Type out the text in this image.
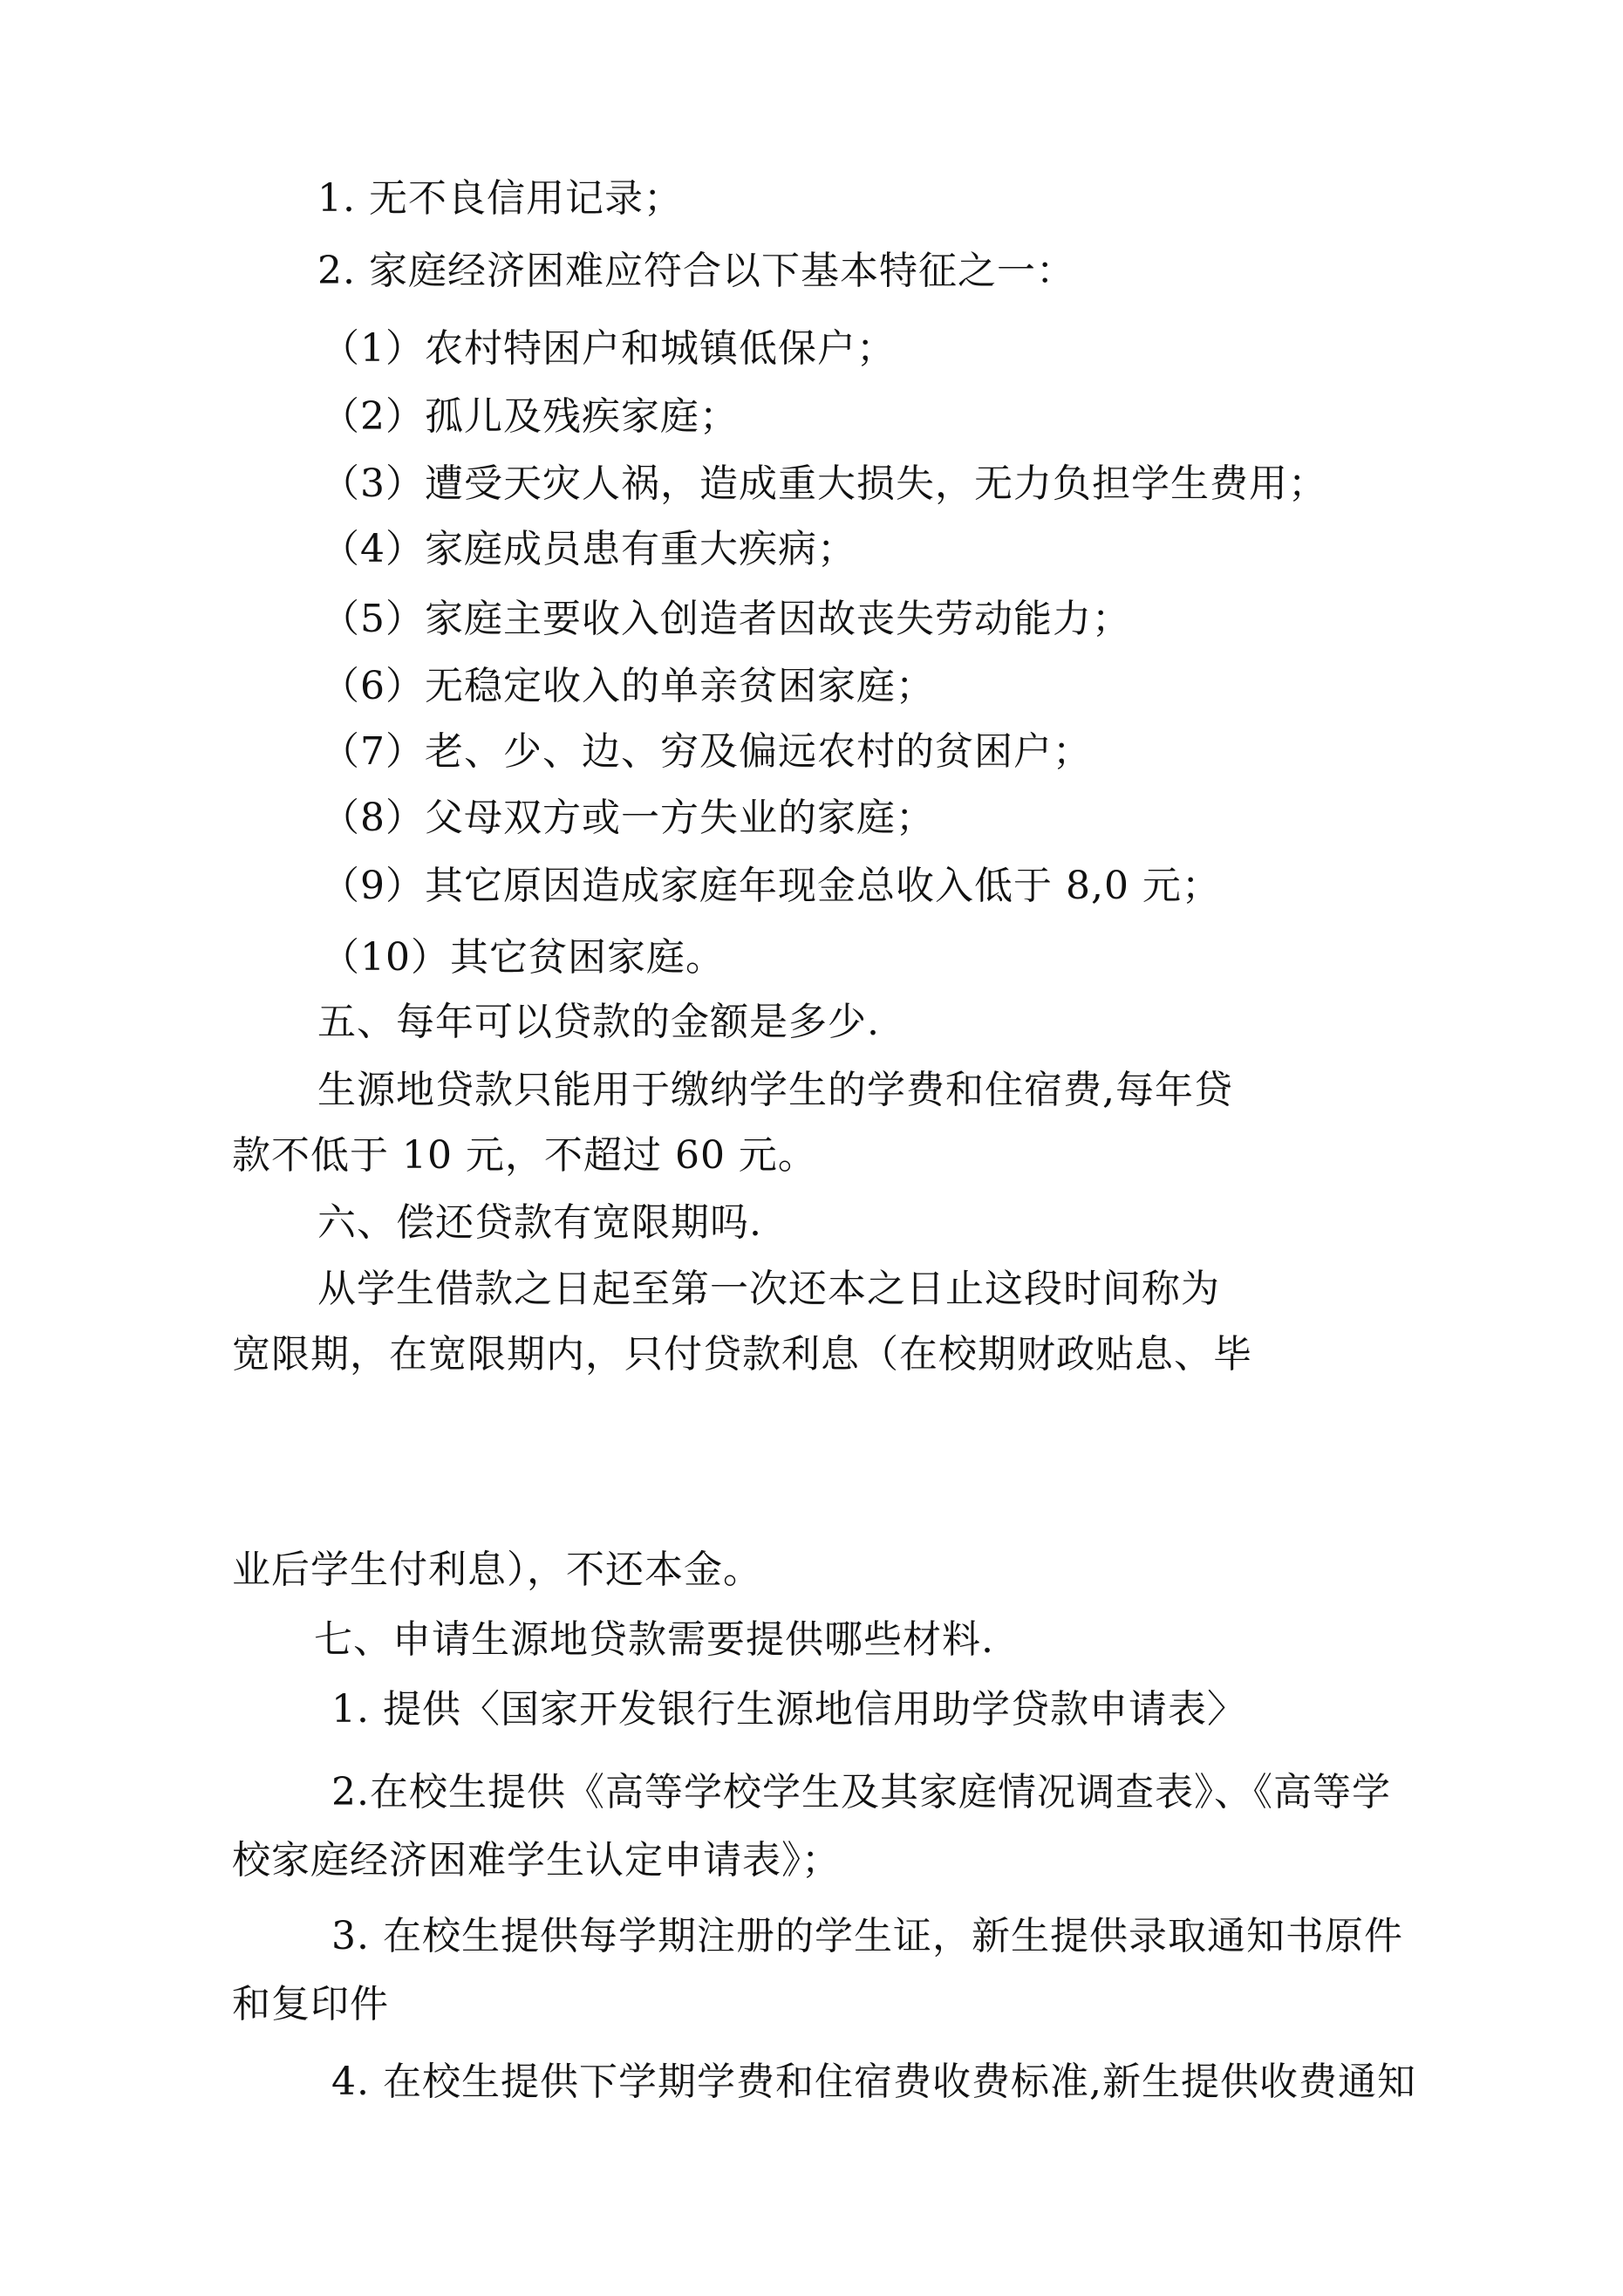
1. 无不良信用记录；
2. 家庭经济困难应符合以下基本特征之一：
（1）农村特困户和城镇低保户；
（2）孤儿及残疾家庭；
（3）遭受天灾人祸，造成重大损失，无力负担学生费用；
（4）家庭成员患有重大疾病；
（5）家庭主要收入创造者因故丧失劳动能力；
（6）无稳定收入的单亲贫困家庭；
（7）老、少、边、穷及偏远农村的贫困户；
（8）父母双方或一方失业的家庭；
（9）其它原因造成家庭年现金总收入低于 8,0 元；
（10）其它贫困家庭。
五、每年可以贷款的金额是多少.
生源地贷款只能用于缴纳学生的学费和住宿费,每年贷
款不低于 10 元，不超过 60 元。
六、偿还贷款有宽限期吗.
从学生借款之日起至第一次还本之日止这段时间称为
宽限期，在宽限期内，只付贷款利息（在校期财政贴息、毕
业后学生付利息），不还本金。
七、申请生源地贷款需要提供哪些材料.
1. 提供〈国家开发银行生源地信用助学贷款申请表〉
2.在校生提供《高等学校学生及其家庭情况调查表》、《高等学
校家庭经济困难学生认定申请表》；
3. 在校生提供每学期注册的学生证，新生提供录取通知书原件
和复印件
4. 在校生提供下学期学费和住宿费收费标准,新生提供收费通知
